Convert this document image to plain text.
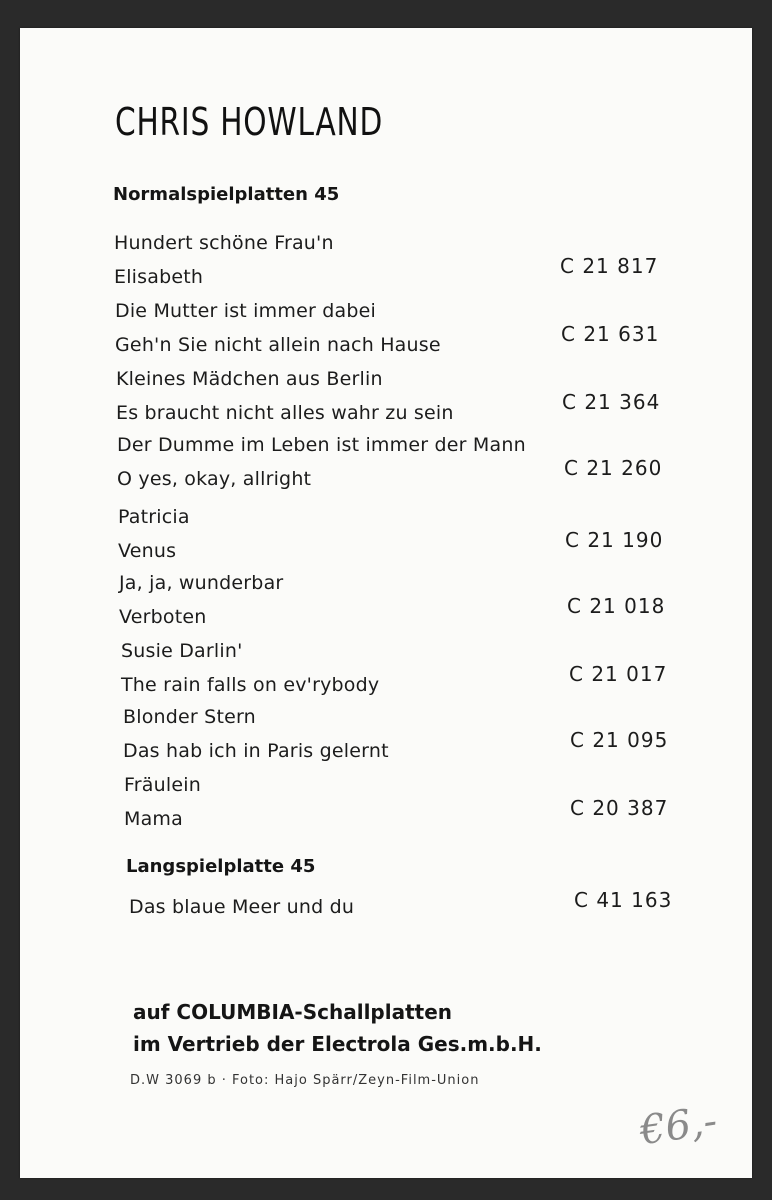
CHRIS HOWLAND
Normalspielplatten 45
Hundert schöne Frau'n
Elisabeth	C 21 817
Die Mutter ist immer dabei
Geh'n Sie nicht allein nach Hause	C 21 631
Kleines Mädchen aus Berlin
Es braucht nicht alles wahr zu sein	C 21 364
Der Dumme im Leben ist immer der Mann
O yes, okay, allright	C 21 260
Patricia
Venus	C 21 190
Ja, ja, wunderbar
Verboten	C 21 018
Susie Darlin'
The rain falls on ev'rybody	C 21 017
Blonder Stern
Das hab ich in Paris gelernt	C 21 095
Fräulein
Mama	C 20 387
Langspielplatte 45
Das blaue Meer und du	C 41 163
auf COLUMBIA-Schallplatten
im Vertrieb der Electrola Ges.m.b.H.
D.W 3069 b · Foto: Hajo Spärr/Zeyn-Film-Union
€6,-
